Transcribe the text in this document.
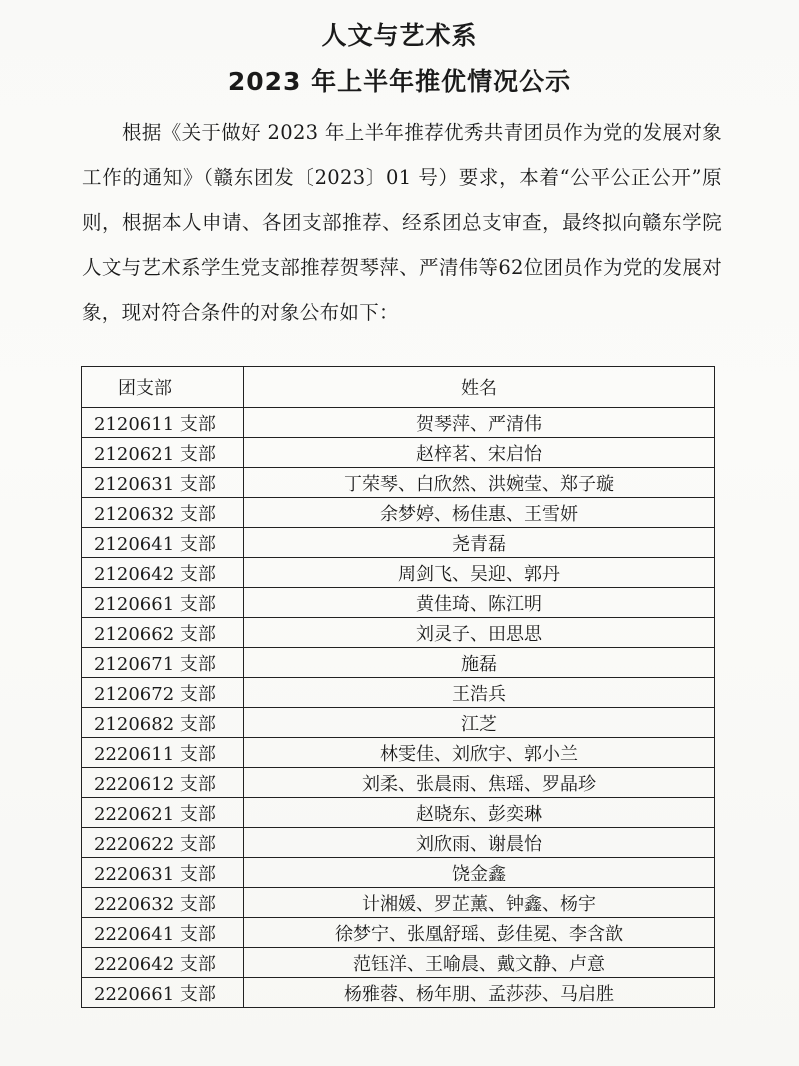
人文与艺术系
2023 年上半年推优情况公示
根据《关于做好 2023 年上半年推荐优秀共青团员作为党的发展对象工作的通知》（赣东团发〔2023〕01 号）要求，本着“公平公正公开”原则，根据本人申请、各团支部推荐、经系团总支审查，最终拟向赣东学院人文与艺术系学生党支部推荐贺琴萍、严清伟等62位团员作为党的发展对象，现对符合条件的对象公布如下：
团支部	姓名
2120611 支部	贺琴萍、严清伟
2120621 支部	赵梓茗、宋启怡
2120631 支部	丁荣琴、白欣然、洪婉莹、郑子璇
2120632 支部	余梦婷、杨佳惠、王雪妍
2120641 支部	尧青磊
2120642 支部	周剑飞、吴迎、郭丹
2120661 支部	黄佳琦、陈江明
2120662 支部	刘灵子、田思思
2120671 支部	施磊
2120672 支部	王浩兵
2120682 支部	江芝
2220611 支部	林雯佳、刘欣宇、郭小兰
2220612 支部	刘柔、张晨雨、焦瑶、罗晶珍
2220621 支部	赵晓东、彭奕琳
2220622 支部	刘欣雨、谢晨怡
2220631 支部	饶金鑫
2220632 支部	计湘媛、罗芷薰、钟鑫、杨宇
2220641 支部	徐梦宁、张凰舒瑶、彭佳冕、李含歆
2220642 支部	范钰洋、王喻晨、戴文静、卢意
2220661 支部	杨雅蓉、杨年朋、孟莎莎、马启胜
